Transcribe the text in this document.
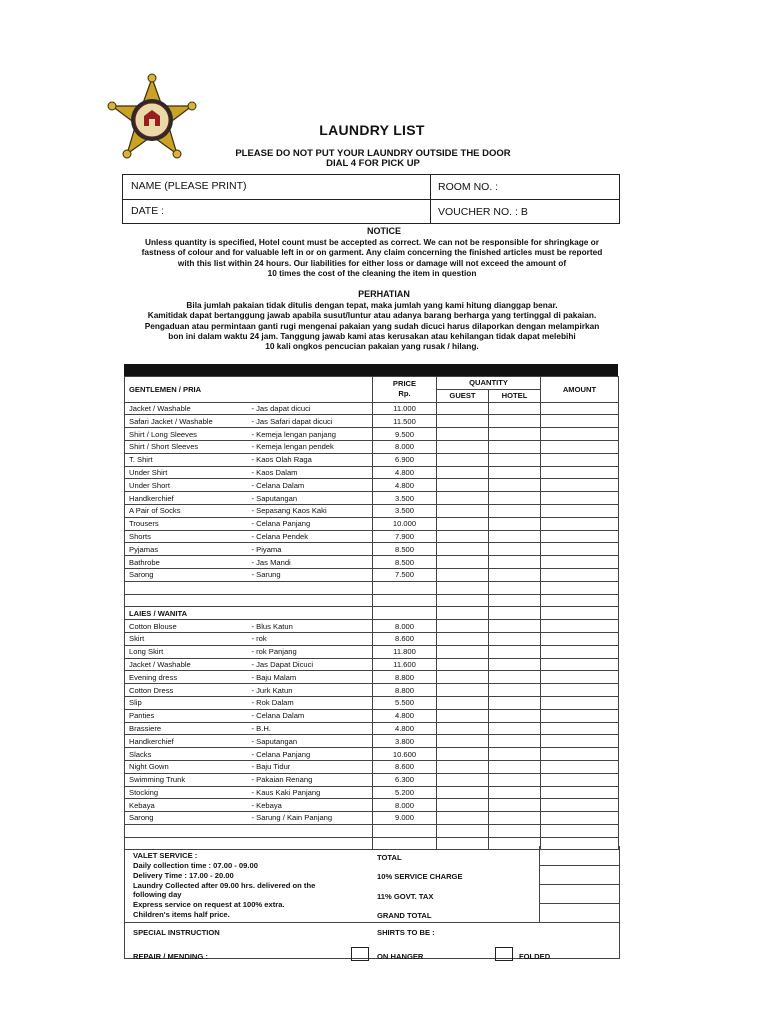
LAUNDRY LIST
PLEASE DO NOT PUT YOUR LAUNDRY OUTSIDE THE DOOR
DIAL 4 FOR PICK UP
NAME (PLEASE PRINT)	ROOM NO. :
DATE :	VOUCHER NO. : B
NOTICE
Unless quantity is specified, Hotel count must be accepted as correct. We can not be responsible for shringkage or
fastness of colour and for valuable left in or on garment. Any claim concerning the finished articles must be reported
with this list within 24 hours. Our liabilities for either loss or damage will not exceed the amount of
10 times the cost of the cleaning the item in question
PERHATIAN
Bila jumlah pakaian tidak ditulis dengan tepat, maka jumlah yang kami hitung dianggap benar.
Kamitidak dapat bertanggung jawab apabila susut/luntur atau adanya barang berharga yang tertinggal di pakaian.
Pengaduan atau permintaan ganti rugi mengenai pakaian yang sudah dicuci harus dilaporkan dengan melampirkan
bon ini dalam waktu 24 jam. Tanggung jawab kami atas kerusakan atau kehilangan tidak dapat melebihi
10 kali ongkos pencucian pakaian yang rusak / hilang.
GENTLEMEN / PRIA		PRICE
Rp.	QUANTITY		AMOUNT
			GUEST	HOTEL	
Jacket / Washable	- Jas dapat dicuci	11.000			
Safari Jacket / Washable	- Jas Safari dapat dicuci	11.500			
Shirt / Long Sleeves	- Kemeja lengan panjang	9.500			
Shirt / Short Sleeves	- Kemeja lengan pendek	8.000			
T. Shirt	- Kaos Olah Raga	6.900			
Under Shirt	- Kaos Dalam	4.800			
Under Short	- Celana Dalam	4.800			
Handkerchief	- Saputangan	3.500			
A Pair of Socks	- Sepasang Kaos Kaki	3.500			
Trousers	- Celana Panjang	10.000			
Shorts	- Celana Pendek	7.900			
Pyjamas	- Piyama	8.500			
Bathrobe	- Jas Mandi	8.500			
Sarong	- Sarung	7.500			

LAIES / WANITA					
Cotton Blouse	- Blus Katun	8.000			
Skirt	- rok	8.600			
Long Skirt	- rok Panjang	11.800			
Jacket / Washable	- Jas Dapat Dicuci	11.600			
Evening dress	- Baju Malam	8.800			
Cotton Dress	- Jurk Katun	8.800			
Slip	- Rok Dalam	5.500			
Panties	- Celana Dalam	4.800			
Brassiere	- B.H.	4.800			
Handkerchief	- Saputangan	3.800			
Slacks	- Celana Panjang	10.600			
Night Gown	- Baju Tidur	8.600			
Swimming Trunk	- Pakaian Renang	6.300			
Stocking	- Kaus Kaki Panjang	5.200			
Kebaya	- Kebaya	8.000			
Sarong	- Sarung / Kain Panjang	9.000			

VALET SERVICE :
Daily collection time : 07.00 - 09.00
Delivery Time : 17.00 - 20.00
Laundry Collected after 09.00 hrs. delivered on the
following day
Express service on request at 100% extra.
Children's items half price.
TOTAL
10% SERVICE CHARGE
11% GOVT. TAX
GRAND TOTAL
SPECIAL INSTRUCTION	SHIRTS TO BE :
REPAIR / MENDING :	ON HANGER	FOLDED
